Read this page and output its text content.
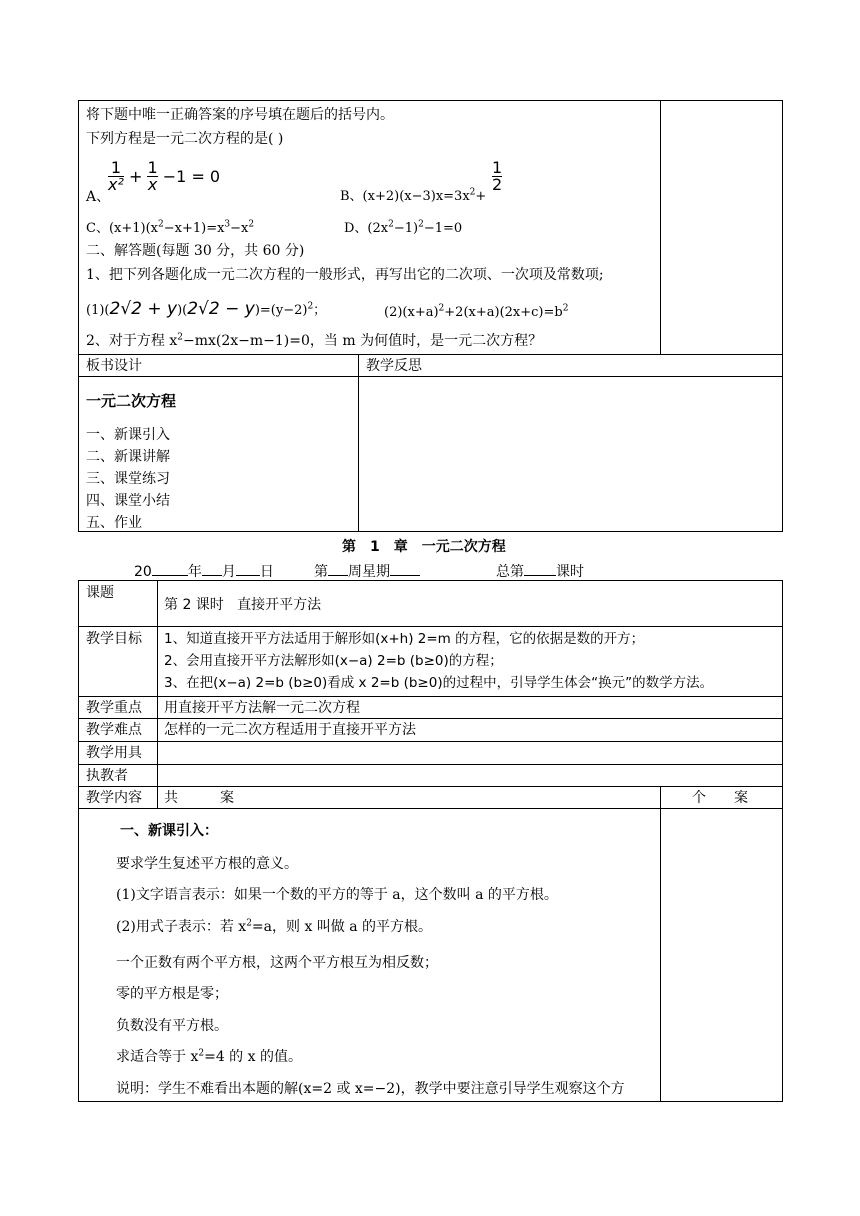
将下题中唯一正确答案的序号填在题后的括号内。
下列方程是一元二次方程的是( )
A、
$\frac{1}{\text{x²}} + \frac{1}{x} -1 = 0$
B、$(x+2)(x-3)x=3x^2+$
$\frac{1}{2}$
C、$(x+1)(x^2-x+1)=x^3-x^2$	D、$(2x^2-1)^2-1=0$
二、解答题(每题 30 分，共 60 分)
1、把下列各题化成一元二次方程的一般形式，再写出它的二次项、一次项及常数项;
$(1)(2√2 + y)(2√2 - y)=(y-2)^2$；	$(2)(x+a)^2+2(x+a)(2x+c)=b^2$
2、对于方程 $x^2-mx(2x-m-1)=0$，当 m 为何值时，是一元二次方程？
板书设计	教学反思
一元二次方程
一、新课引入
二、新课讲解
三、课堂练习
四、课堂小结
五、作业
第　1　章　一元二次方程
20	年 月 日	第 周星期	总第 课时
课题
第 2 课时 直接开平方法
教学目标 1、知道直接开平方法适用于解形如(x+h) 2=m 的方程，它的依据是数的开方；
2、会用直接开平方法解形如(x−a) 2=b (b≥0)的方程；
3、在把(x−a) 2=b (b≥0)看成 x 2=b (b≥0)的过程中，引导学生体会“换元”的数学方法。
教学重点 用直接开平方法解一元二次方程
教学难点 怎样的一元二次方程适用于直接开平方法
教学用具
执教者
教学内容 共　　　案	个　　案
一、新课引入：
要求学生复述平方根的意义。
(1)文字语言表示：如果一个数的平方的等于 a，这个数叫 a 的平方根。
(2)用式子表示：若 $x^2=a$，则 x 叫做 a 的平方根。
一个正数有两个平方根，这两个平方根互为相反数；
零的平方根是零；
负数没有平方根。
求适合等于 $x^2=4$ 的 x 的值。
说明：学生不难看出本题的解(x=2 或 x=−2)，教学中要注意引导学生观察这个方
